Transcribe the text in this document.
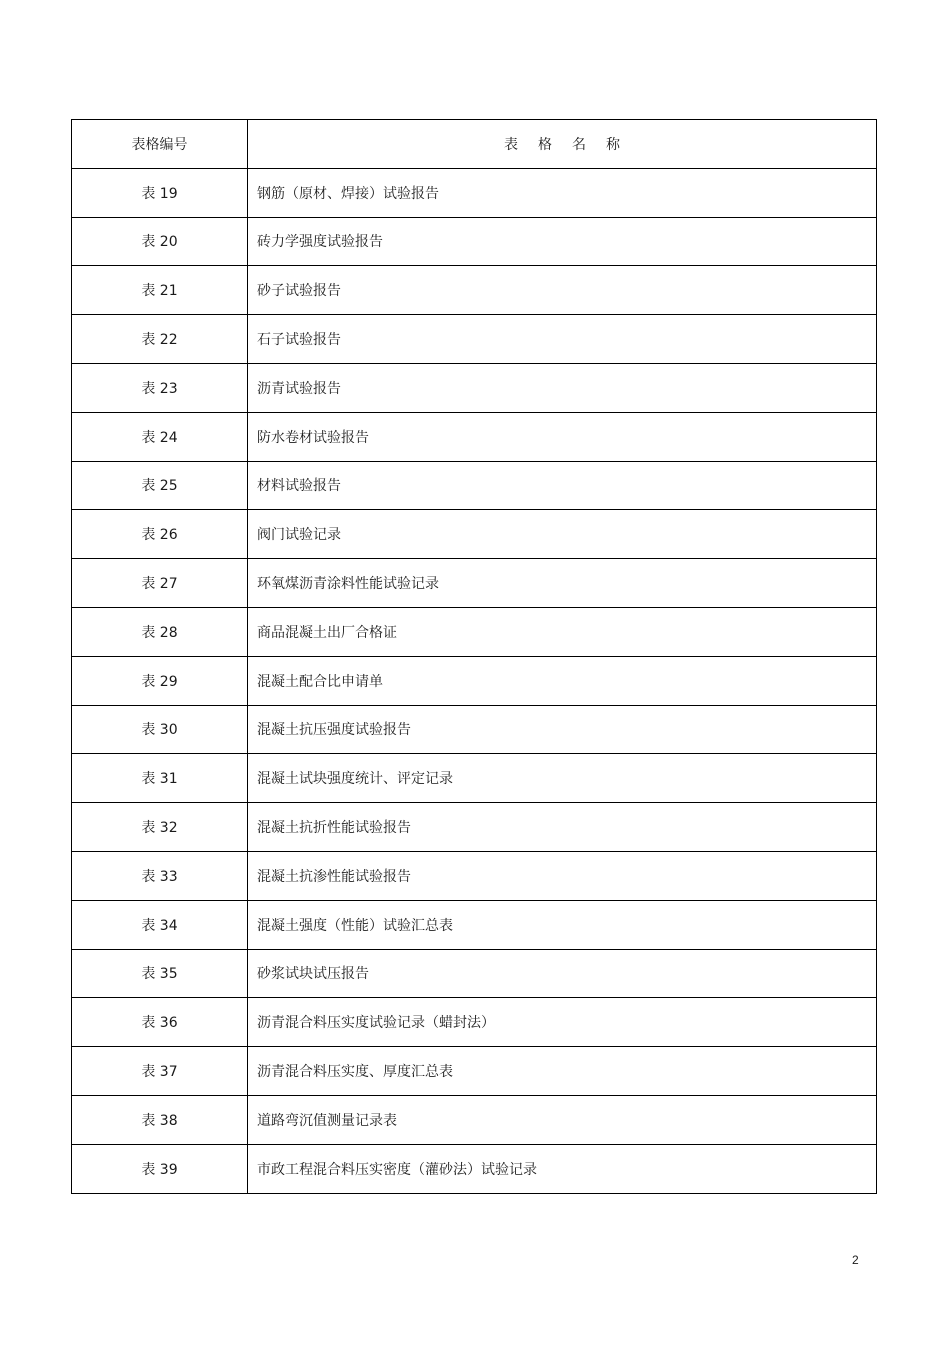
表格编号	表格名称
表 19	钢筋（原材、焊接）试验报告
表 20	砖力学强度试验报告
表 21	砂子试验报告
表 22	石子试验报告
表 23	沥青试验报告
表 24	防水卷材试验报告
表 25	材料试验报告
表 26	阀门试验记录
表 27	环氧煤沥青涂料性能试验记录
表 28	商品混凝土出厂合格证
表 29	混凝土配合比申请单
表 30	混凝土抗压强度试验报告
表 31	混凝土试块强度统计、评定记录
表 32	混凝土抗折性能试验报告
表 33	混凝土抗渗性能试验报告
表 34	混凝土强度（性能）试验汇总表
表 35	砂浆试块试压报告
表 36	沥青混合料压实度试验记录（蜡封法）
表 37	沥青混合料压实度、厚度汇总表
表 38	道路弯沉值测量记录表
表 39	市政工程混合料压实密度（灌砂法）试验记录
2
